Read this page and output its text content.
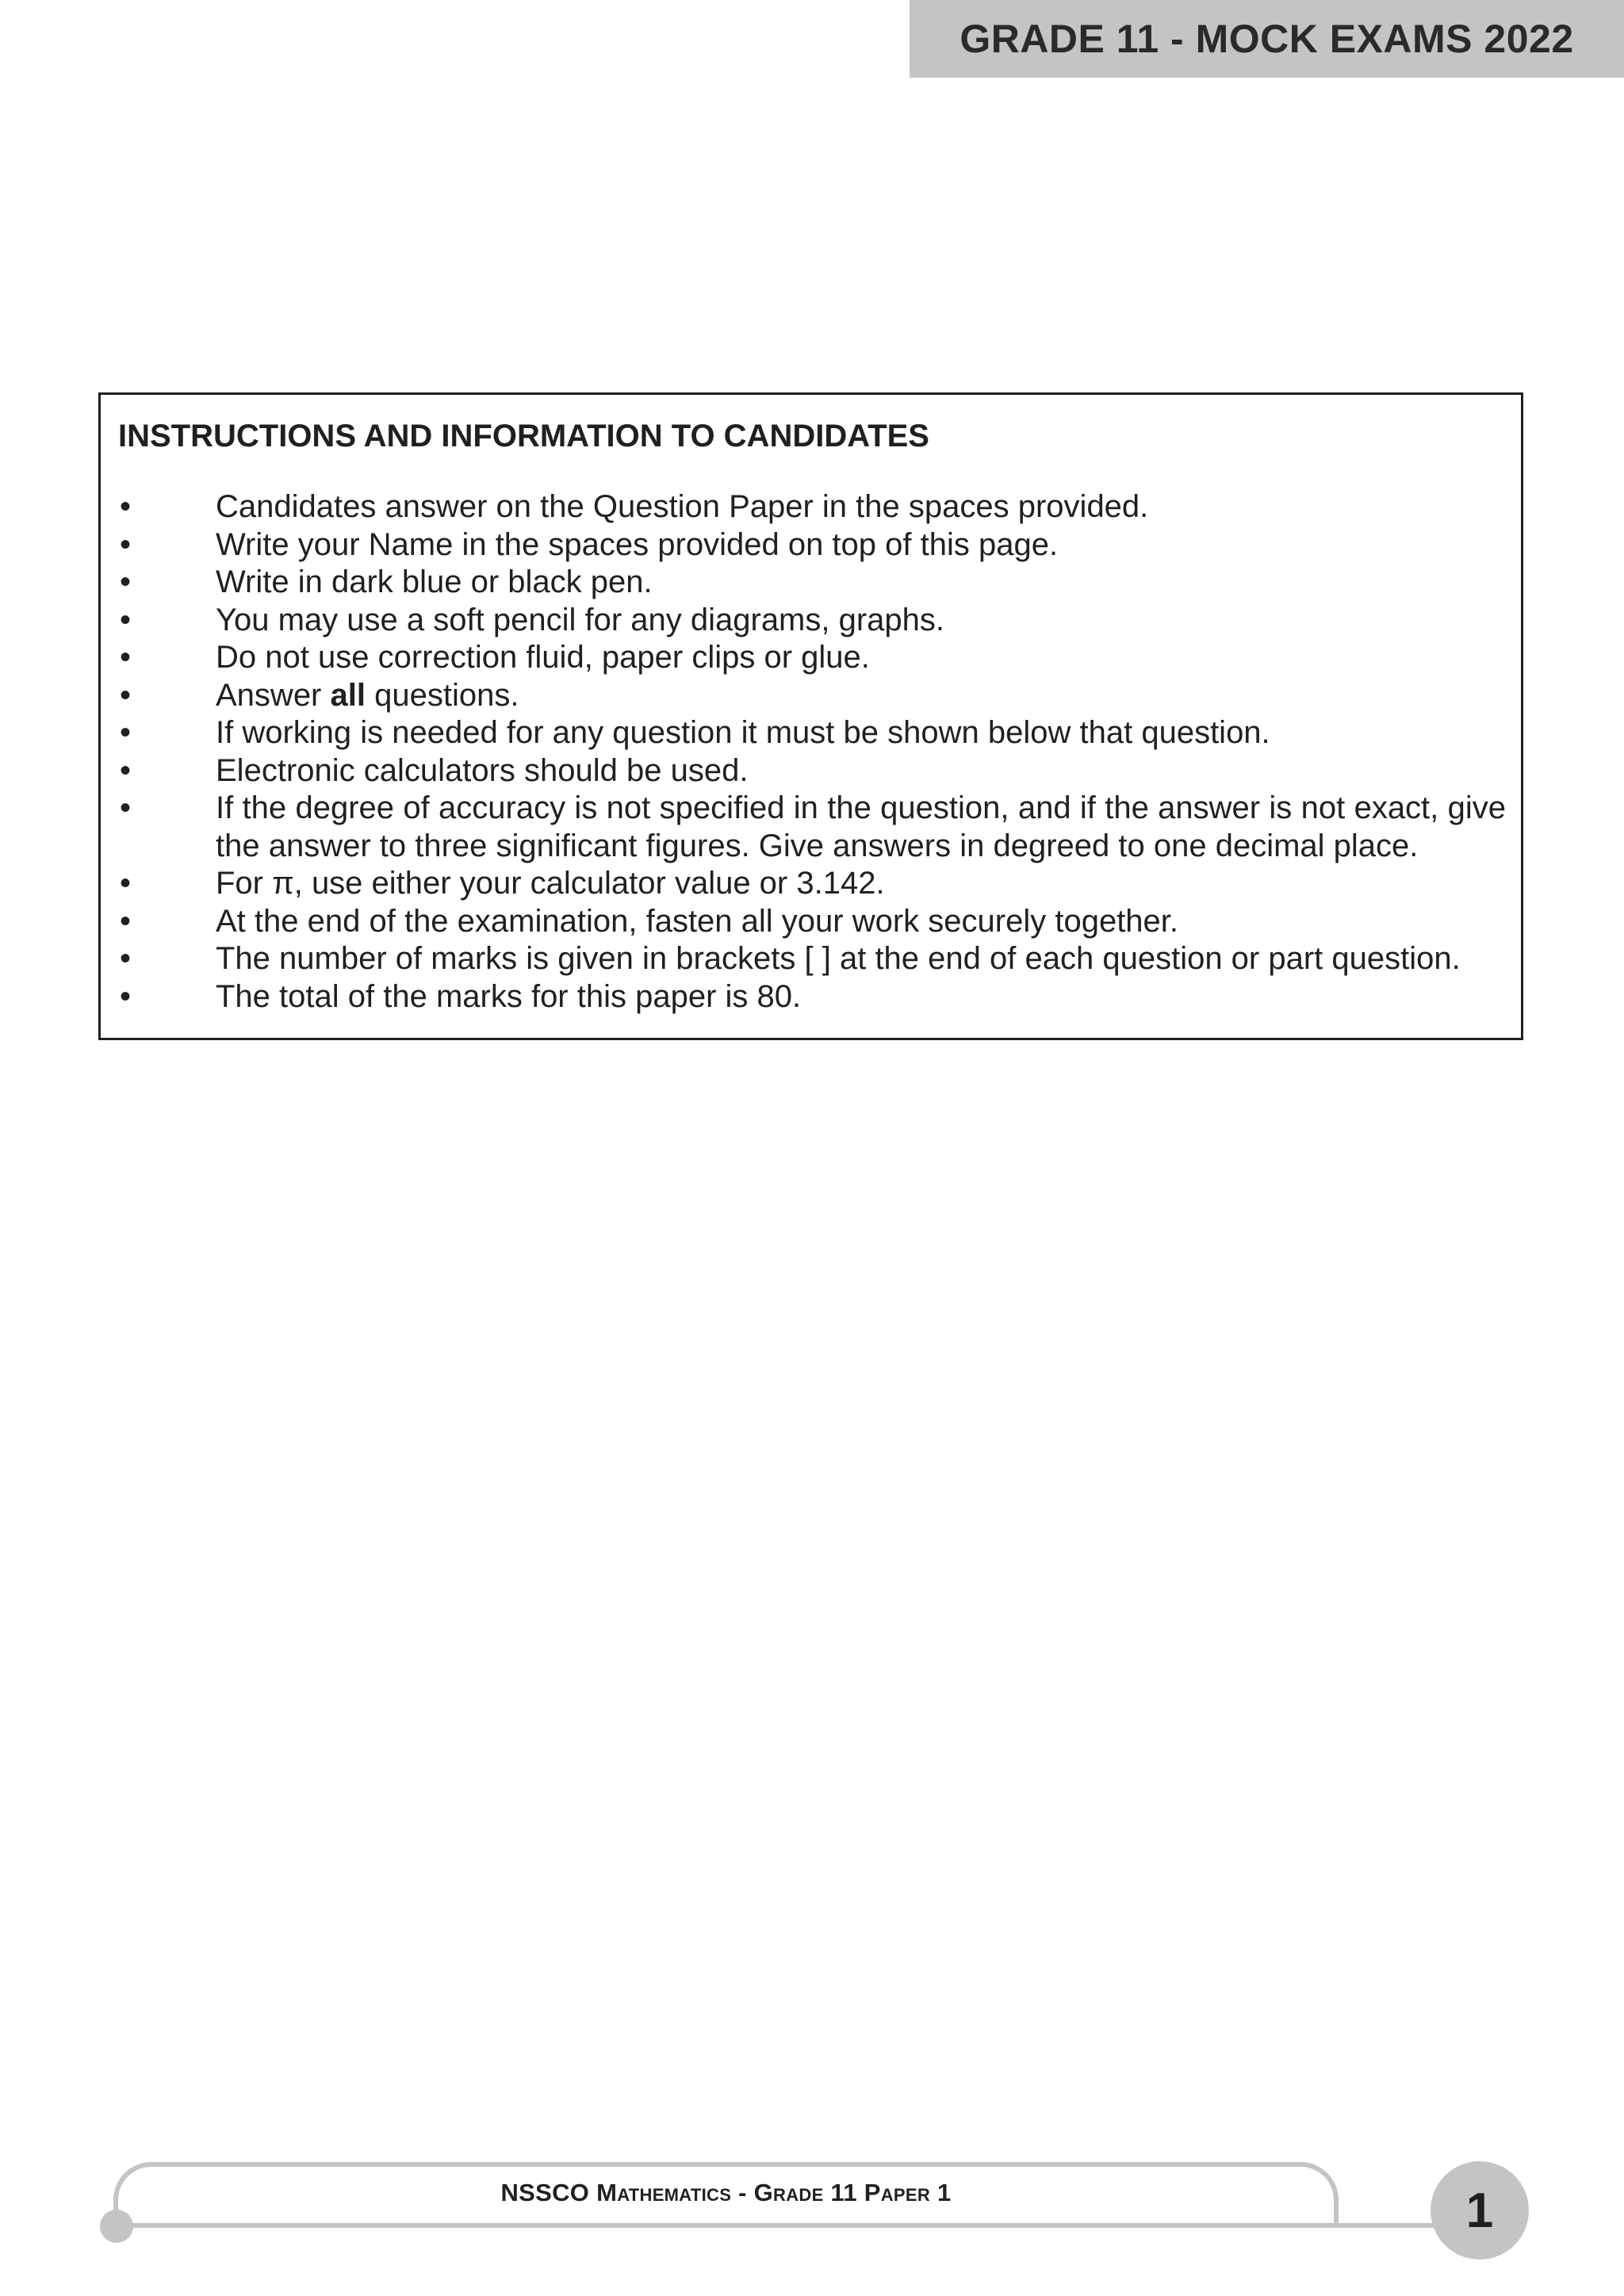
GRADE 11 - MOCK EXAMS 2022
INSTRUCTIONS AND INFORMATION TO CANDIDATES
•	Candidates answer on the Question Paper in the spaces provided.
•	Write your Name in the spaces provided on top of this page.
•	Write in dark blue or black pen.
•	You may use a soft pencil for any diagrams, graphs.
•	Do not use correction fluid, paper clips or glue.
•	Answer all questions.
•	If working is needed for any question it must be shown below that question.
•	Electronic calculators should be used.
•	If the degree of accuracy is not specified in the question, and if the answer is not exact, give the answer to three significant figures. Give answers in degreed to one decimal place.
•	For π, use either your calculator value or 3.142.
•	At the end of the examination, fasten all your work securely together.
•	The number of marks is given in brackets [ ] at the end of each question or part question.
•	The total of the marks for this paper is 80.
NSSCO Mathematics - Grade 11 Paper 1	1
